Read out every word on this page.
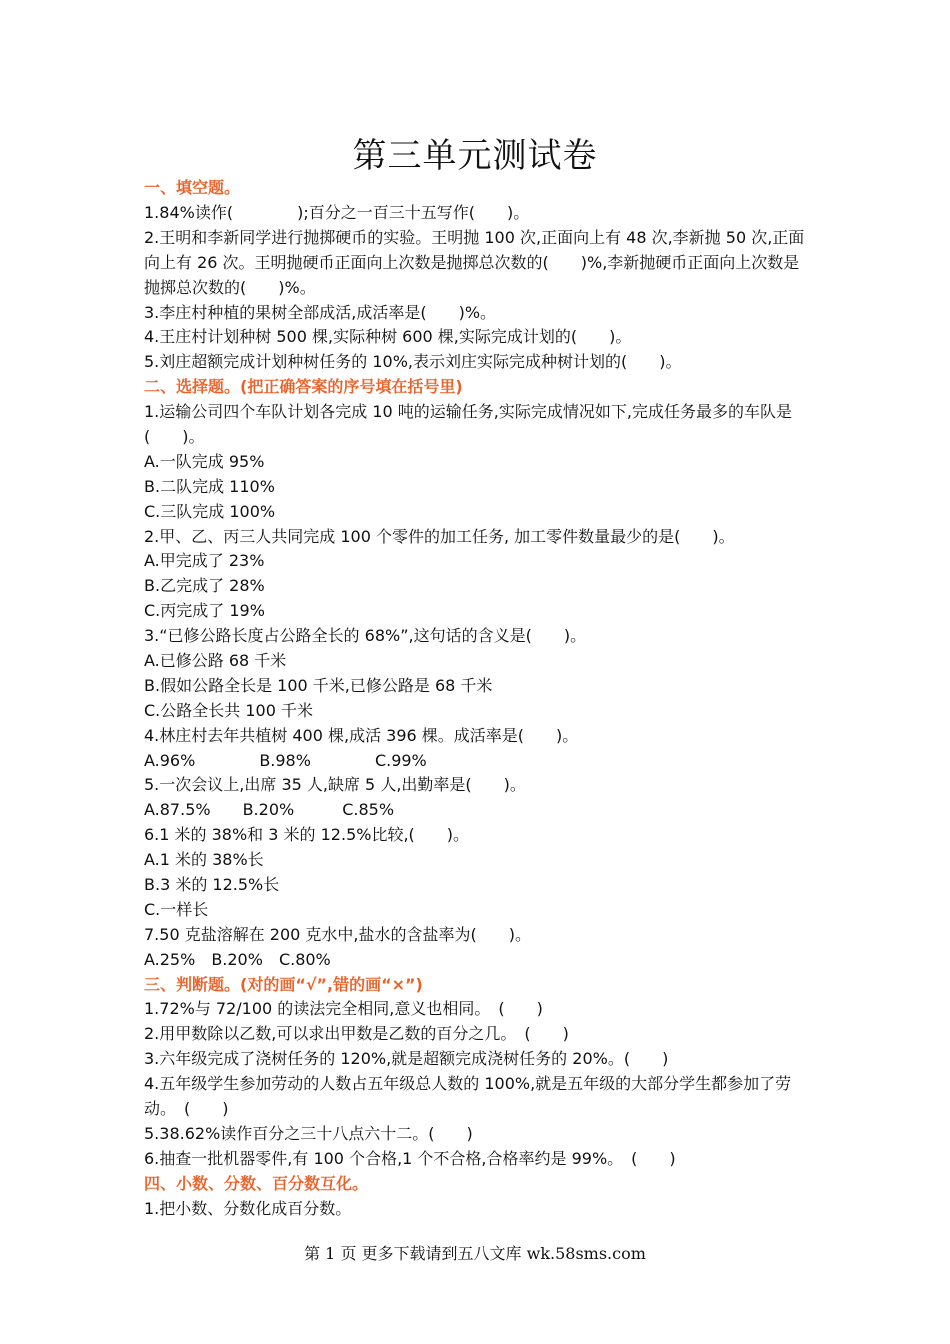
第三单元测试卷
一、填空题。
1.84%读作(　　　　);百分之一百三十五写作(　　)。
2.王明和李新同学进行抛掷硬币的实验。王明抛 100 次,正面向上有 48 次,李新抛 50 次,正面向上有 26 次。王明抛硬币正面向上次数是抛掷总次数的(　　)%,李新抛硬币正面向上次数是抛掷总次数的(　　)%。
3.李庄村种植的果树全部成活,成活率是(　　)%。
4.王庄村计划种树 500 棵,实际种树 600 棵,实际完成计划的(　　)。
5.刘庄超额完成计划种树任务的 10%,表示刘庄实际完成种树计划的(　　)。
二、选择题。(把正确答案的序号填在括号里)
1.运输公司四个车队计划各完成 10 吨的运输任务,实际完成情况如下,完成任务最多的车队是(　　)。
A.一队完成 95%
B.二队完成 110%
C.三队完成 100%
2.甲、乙、丙三人共同完成 100 个零件的加工任务, 加工零件数量最少的是(　　)。
A.甲完成了 23%
B.乙完成了 28%
C.丙完成了 19%
3.“已修公路长度占公路全长的 68%”,这句话的含义是(　　)。
A.已修公路 68 千米
B.假如公路全长是 100 千米,已修公路是 68 千米
C.公路全长共 100 千米
4.林庄村去年共植树 400 棵,成活 396 棵。成活率是(　　)。
A.96%　　　　B.98%　　　　C.99%
5.一次会议上,出席 35 人,缺席 5 人,出勤率是(　　)。
A.87.5%　　B.20%　　　C.85%
6.1 米的 38%和 3 米的 12.5%比较,(　　)。
A.1 米的 38%长
B.3 米的 12.5%长
C.一样长
7.50 克盐溶解在 200 克水中,盐水的含盐率为(　　)。
A.25%　B.20%　C.80%
三、判断题。(对的画“√”,错的画“×”)
1.72%与 72/100 的读法完全相同,意义也相同。　(　　)
2.用甲数除以乙数,可以求出甲数是乙数的百分之几。　(　　)
3.六年级完成了浇树任务的 120%,就是超额完成浇树任务的 20%。(　　)
4.五年级学生参加劳动的人数占五年级总人数的 100%,就是五年级的大部分学生都参加了劳动。　(　　)
5.38.62%读作百分之三十八点六十二。(　　)
6.抽查一批机器零件,有 100 个合格,1 个不合格,合格率约是 99%。　(　　)
四、小数、分数、百分数互化。
1.把小数、分数化成百分数。
第 1 页 更多下载请到五八文库 wk.58sms.com
